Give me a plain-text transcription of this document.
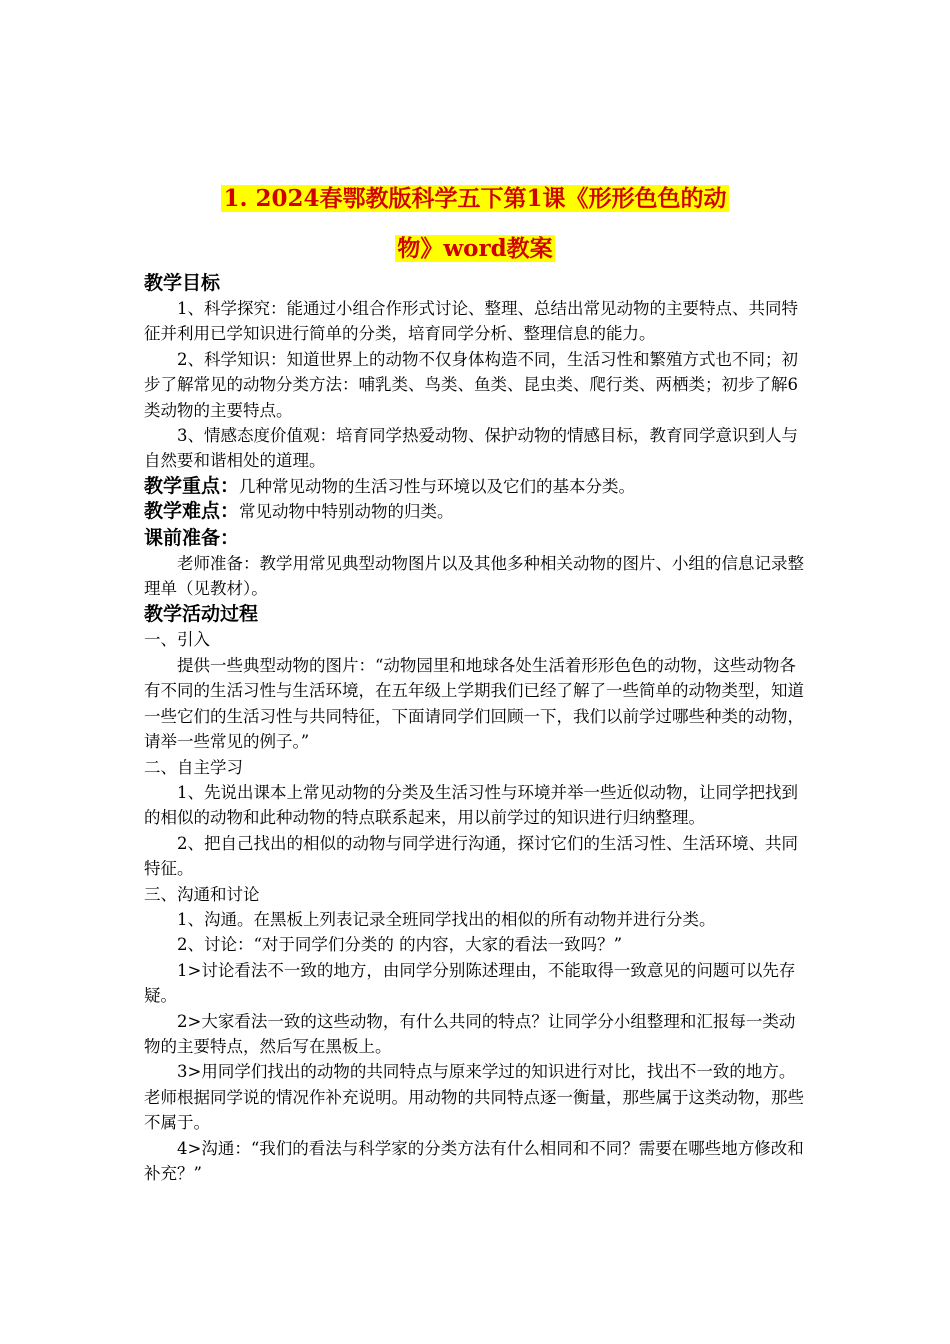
1. 2024春鄂教版科学五下第1课《形形色色的动
物》word教案
教学目标

1、科学探究：能通过小组合作形式讨论、整理、总结出常见动物的主要特点、共同特征并利用已学知识进行简单的分类，培育同学分析、整理信息的能力。

2、科学知识：知道世界上的动物不仅身体构造不同，生活习性和繁殖方式也不同；初步了解常见的动物分类方法：哺乳类、鸟类、鱼类、昆虫类、爬行类、两栖类；初步了解6类动物的主要特点。

3、情感态度价值观：培育同学热爱动物、保护动物的情感目标，教育同学意识到人与自然要和谐相处的道理。

教学重点：几种常见动物的生活习性与环境以及它们的基本分类。

教学难点：常见动物中特别动物的归类。

课前准备：

老师准备：教学用常见典型动物图片以及其他多种相关动物的图片、小组的信息记录整理单（见教材）。

教学活动过程

一、引入

提供一些典型动物的图片：“动物园里和地球各处生活着形形色色的动物，这些动物各有不同的生活习性与生活环境，在五年级上学期我们已经了解了一些简单的动物类型，知道一些它们的生活习性与共同特征，下面请同学们回顾一下，我们以前学过哪些种类的动物，请举一些常见的例子。”

二、自主学习

1、先说出课本上常见动物的分类及生活习性与环境并举一些近似动物，让同学把找到的相似的动物和此种动物的特点联系起来，用以前学过的知识进行归纳整理。

2、把自己找出的相似的动物与同学进行沟通，探讨它们的生活习性、生活环境、共同特征。

三、沟通和讨论

1、沟通。在黑板上列表记录全班同学找出的相似的所有动物并进行分类。

2、讨论：“对于同学们分类的 的内容，大家的看法一致吗？”

1>讨论看法不一致的地方，由同学分别陈述理由，不能取得一致意见的问题可以先存疑。

2>大家看法一致的这些动物，有什么共同的特点？让同学分小组整理和汇报每一类动物的主要特点，然后写在黑板上。

3>用同学们找出的动物的共同特点与原来学过的知识进行对比，找出不一致的地方。老师根据同学说的情况作补充说明。用动物的共同特点逐一衡量，那些属于这类动物，那些不属于。

4>沟通：“我们的看法与科学家的分类方法有什么相同和不同？需要在哪些地方修改和补充？”
